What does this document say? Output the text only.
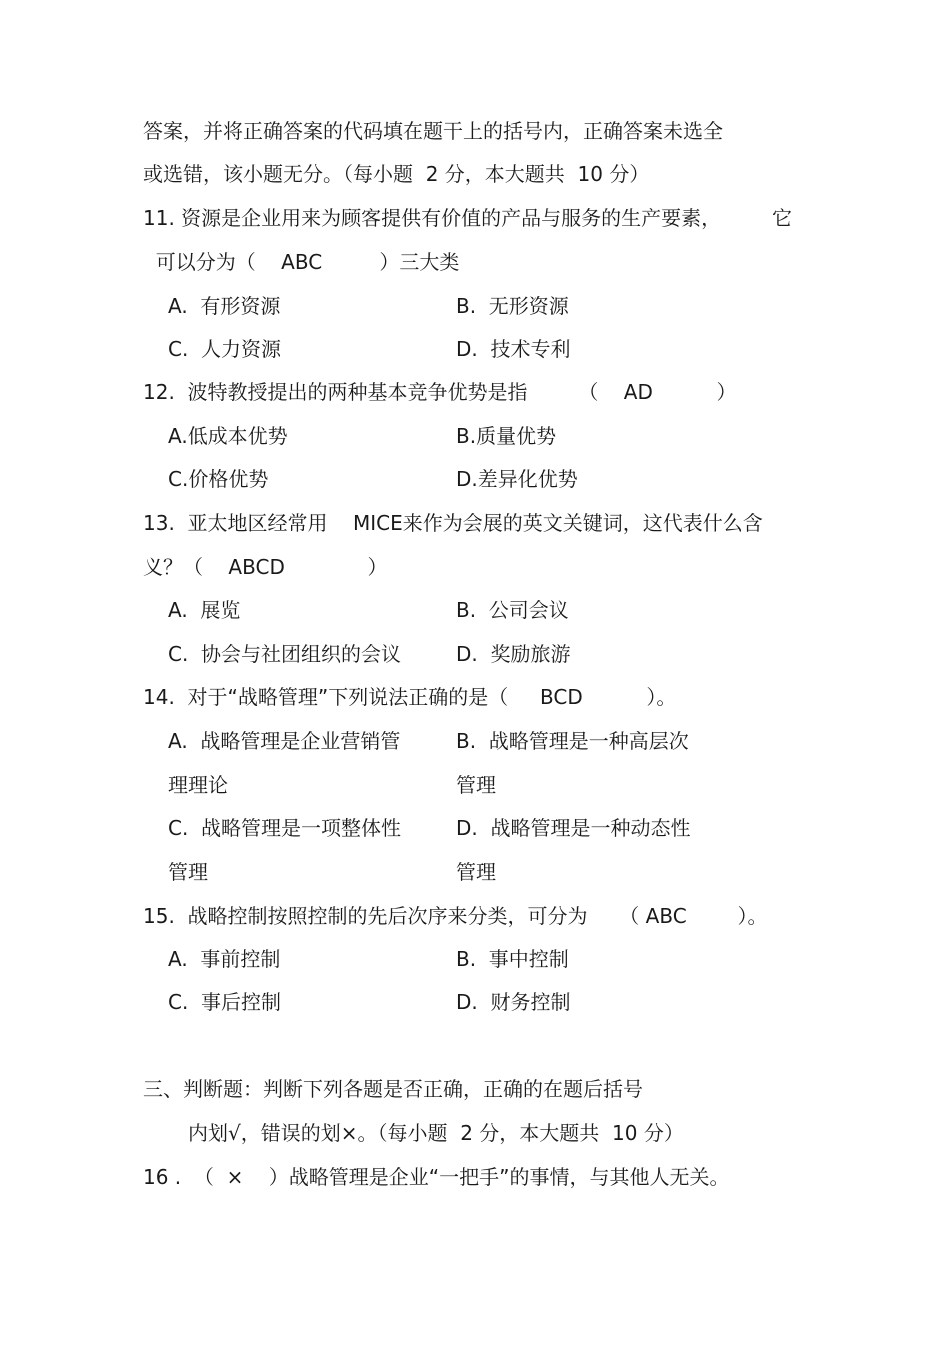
答案，并将正确答案的代码填在题干上的括号内，正确答案未选全
或选错，该小题无分。（每小题  2 分，本大题共  10 分）
11. 资源是企业用来为顾客提供有价值的产品与服务的生产要素，        它
可以分为（    ABC         ）三大类
A.  有形资源	B.  无形资源
C.  人力资源	D.  技术专利
12.  波特教授提出的两种基本竞争优势是指        （    AD          ）
A.低成本优势	B.质量优势
C.价格优势	D.差异化优势
13.  亚太地区经常用    MICE来作为会展的英文关键词，这代表什么含
义？（    ABCD             ）
A.  展览	B.  公司会议
C.  协会与社团组织的会议	D.  奖励旅游
14.  对于“战略管理”下列说法正确的是（     BCD          ）。
A.  战略管理是企业营销管	B.  战略管理是一种高层次
理理论	管理
C.  战略管理是一项整体性	D.  战略管理是一种动态性
管理	管理
15.  战略控制按照控制的先后次序来分类，可分为     （ ABC        ）。
A.  事前控制	B.  事中控制
C.  事后控制	D.  财务控制
三、判断题：判断下列各题是否正确，正确的在题后括号
内划√，错误的划×。（每小题  2 分，本大题共  10 分）
16 .  （  ×    ）战略管理是企业“一把手”的事情，与其他人无关。
